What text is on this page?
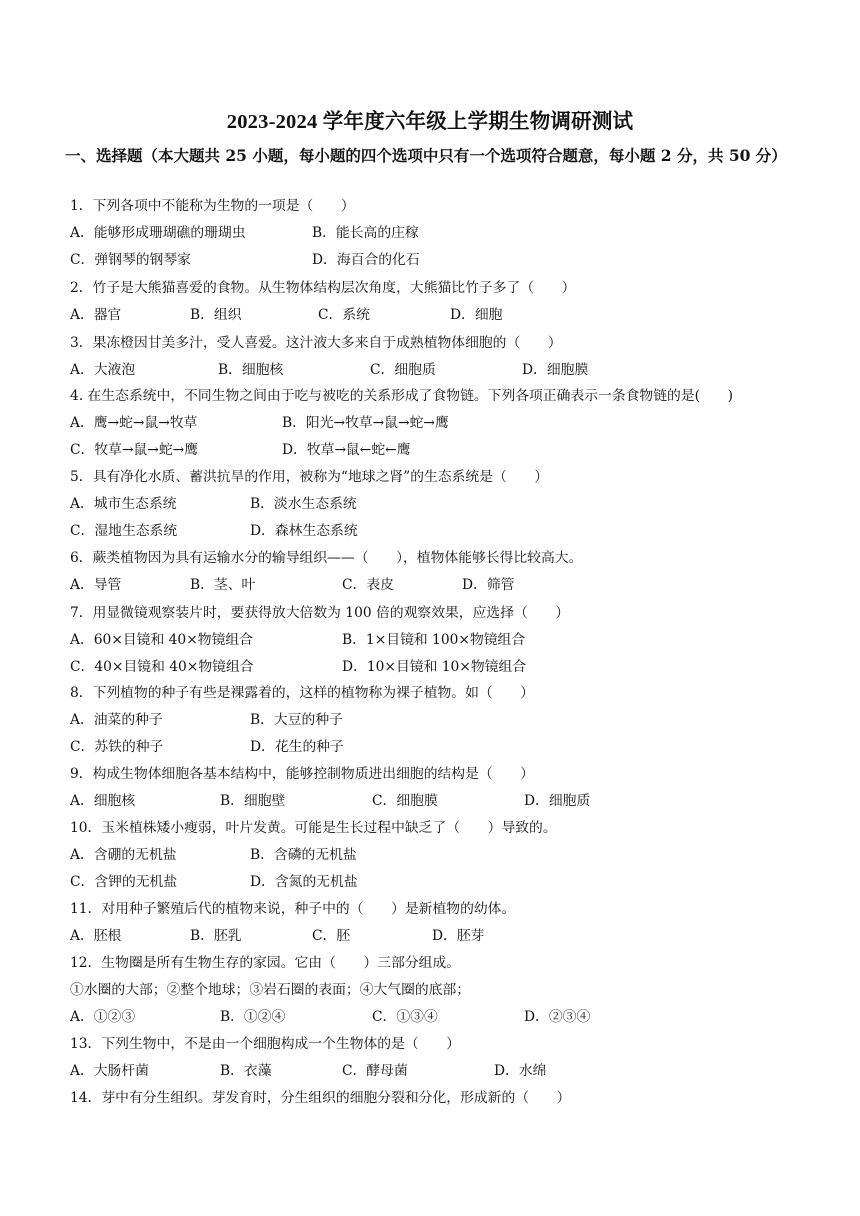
2023-2024 学年度六年级上学期生物调研测试
一、选择题（本大题共 25 小题，每小题的四个选项中只有一个选项符合题意，每小题 2 分，共 50 分）
1．下列各项中不能称为生物的一项是（　　）
A．能够形成珊瑚礁的珊瑚虫	B．能长高的庄稼
C．弹钢琴的钢琴家	D．海百合的化石
2．竹子是大熊猫喜爱的食物。从生物体结构层次角度，大熊猫比竹子多了（　　）
A．器官	B．组织	C．系统	D．细胞
3．果冻橙因甘美多汁，受人喜爱。这汁液大多来自于成熟植物体细胞的（　　）
A．大液泡	B．细胞核	C．细胞质	D．细胞膜
4. 在生态系统中，不同生物之间由于吃与被吃的关系形成了食物链。下列各项正确表示一条食物链的是(　　)
A．鹰→蛇→鼠→牧草	B．阳光→牧草→鼠→蛇→鹰
C．牧草→鼠→蛇→鹰	D．牧草→鼠←蛇←鹰
5．具有净化水质、蓄洪抗旱的作用，被称为“地球之肾”的生态系统是（　　）
A．城市生态系统	B．淡水生态系统
C．湿地生态系统	D．森林生态系统
6．蕨类植物因为具有运输水分的输导组织——（　　），植物体能够长得比较高大。
A．导管	B．茎、叶	C．表皮	D．筛管
7．用显微镜观察装片时，要获得放大倍数为 100 倍的观察效果，应选择（　　）
A．60×目镜和 40×物镜组合	B．1×目镜和 100×物镜组合
C．40×目镜和 40×物镜组合	D．10×目镜和 10×物镜组合
8．下列植物的种子有些是裸露着的，这样的植物称为裸子植物。如（　　）
A．油菜的种子	B．大豆的种子
C．苏铁的种子	D．花生的种子
9．构成生物体细胞各基本结构中，能够控制物质进出细胞的结构是（　　）
A．细胞核	B．细胞壁	C．细胞膜	D．细胞质
10．玉米植株矮小瘦弱，叶片发黄。可能是生长过程中缺乏了（　　）导致的。
A．含硼的无机盐	B．含磷的无机盐
C．含钾的无机盐	D．含氮的无机盐
11．对用种子繁殖后代的植物来说，种子中的（　　）是新植物的幼体。
A．胚根	B．胚乳	C．胚	D．胚芽
12．生物圈是所有生物生存的家园。它由（　　）三部分组成。
①水圈的大部；②整个地球；③岩石圈的表面；④大气圈的底部；
A．①②③	B．①②④	C．①③④	D．②③④
13．下列生物中，不是由一个细胞构成一个生物体的是（　　）
A．大肠杆菌	B．衣藻	C．酵母菌	D．水绵
14．芽中有分生组织。芽发育时，分生组织的细胞分裂和分化，形成新的（　　）
